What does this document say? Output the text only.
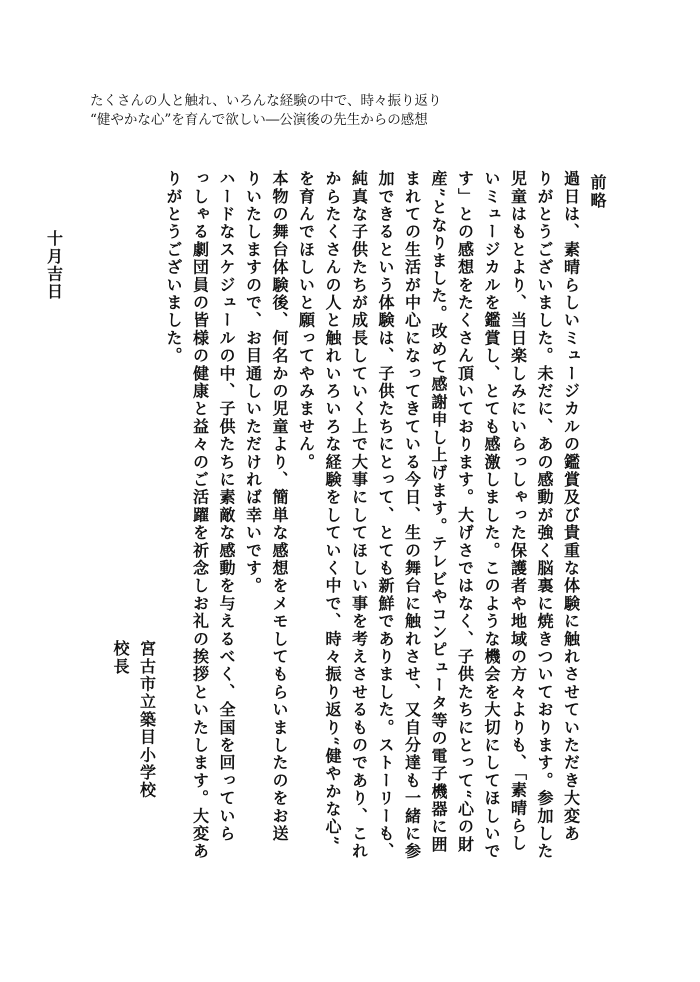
たくさんの人と触れ、いろんな経験の中で、時々振り返り
“健やかな心”を育んで欲しい―公演後の先生からの感想

前略

過日は、素晴らしいミュージカルの鑑賞及び貴重な体験に触れさせていただき大変あ

りがとうございました。未だに、あの感動が強く脳裏に焼きついております。参加した

児童はもとより、当日楽しみにいらっしゃった保護者や地域の方々よりも、「素晴らし

いミュージカルを鑑賞し、とても感激しました。このような機会を大切にしてほしいで

す」との感想をたくさん頂いております。大げさではなく、子供たちにとって“心の財

産”となりました。改めて感謝申し上げます。テレビやコンピュータ等の電子機器に囲

まれての生活が中心になってきている今日、生の舞台に触れさせ、又自分達も一緒に参

加できるという体験は、子供たちにとって、とても新鮮でありました。ストーリーも、

純真な子供たちが成長していく上で大事にしてほしい事を考えさせるものであり、これ

からたくさんの人と触れいろいろな経験をしていく中で、時々振り返り“健やかな心”

を育んでほしいと願ってやみません。

本物の舞台体験後、何名かの児童より、簡単な感想をメモしてもらいましたのをお送

りいたしますので、お目通しいただければ幸いです。

ハードなスケジュールの中、子供たちに素敵な感動を与えるべく、全国を回っていら

っしゃる劇団員の皆様の健康と益々のご活躍を祈念しお礼の挨拶といたします。大変あ

りがとうございました。

宮古市立築目小学校

校長

十月吉日
